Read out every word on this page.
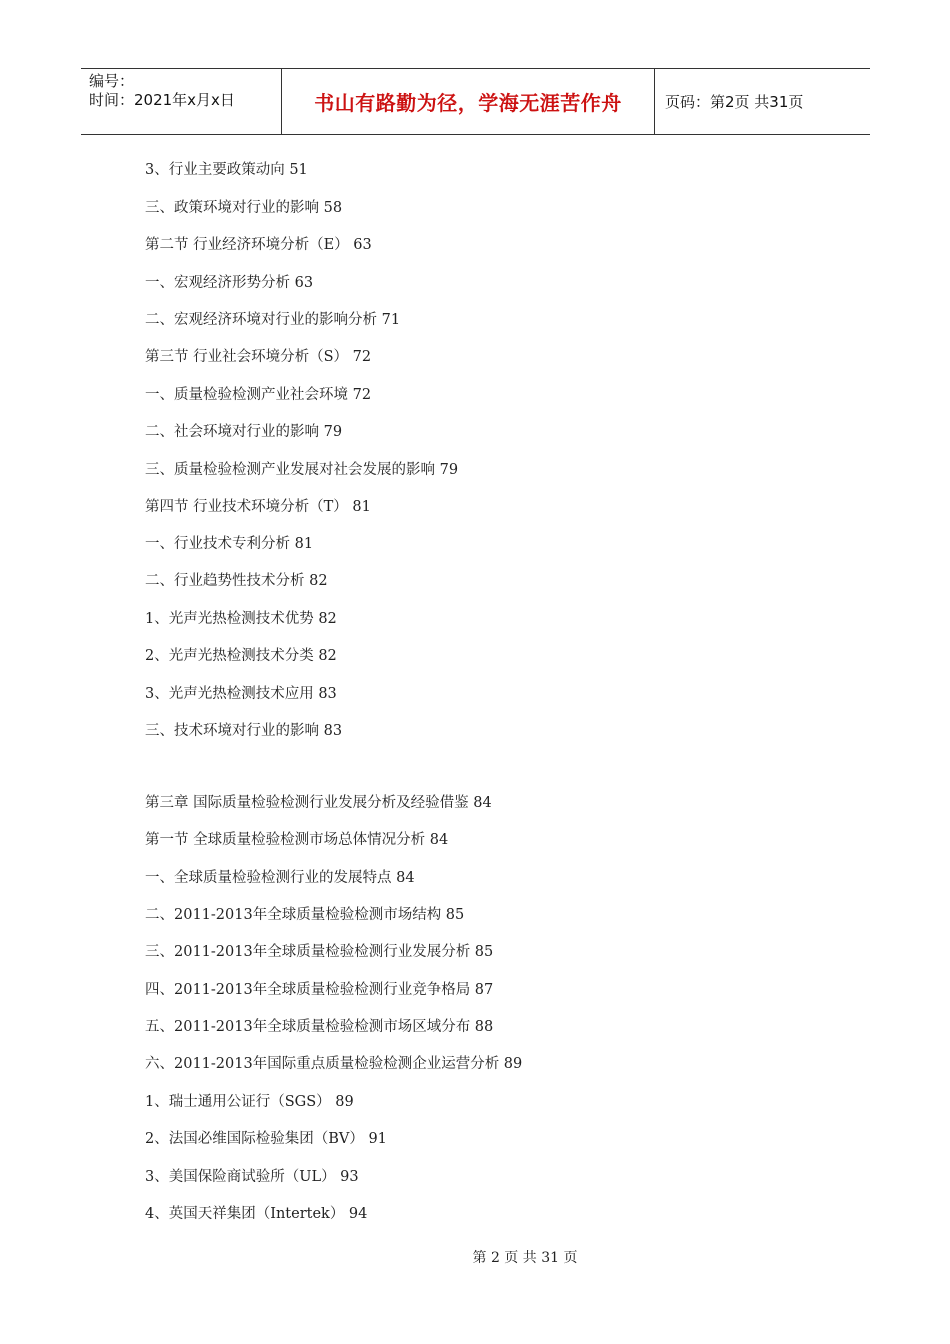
编号：
时间：2021年x月x日	书山有路勤为径，学海无涯苦作舟	页码：第2页 共31页
3、行业主要政策动向 51
三、政策环境对行业的影响 58
第二节 行业经济环境分析（E） 63
一、宏观经济形势分析 63
二、宏观经济环境对行业的影响分析 71
第三节 行业社会环境分析（S） 72
一、质量检验检测产业社会环境 72
二、社会环境对行业的影响 79
三、质量检验检测产业发展对社会发展的影响 79
第四节 行业技术环境分析（T） 81
一、行业技术专利分析 81
二、行业趋势性技术分析 82
1、光声光热检测技术优势 82
2、光声光热检测技术分类 82
3、光声光热检测技术应用 83
三、技术环境对行业的影响 83
第三章 国际质量检验检测行业发展分析及经验借鉴 84
第一节 全球质量检验检测市场总体情况分析 84
一、全球质量检验检测行业的发展特点 84
二、2011-2013年全球质量检验检测市场结构 85
三、2011-2013年全球质量检验检测行业发展分析 85
四、2011-2013年全球质量检验检测行业竞争格局 87
五、2011-2013年全球质量检验检测市场区域分布 88
六、2011-2013年国际重点质量检验检测企业运营分析 89
1、瑞士通用公证行（SGS） 89
2、法国必维国际检验集团（BV） 91
3、美国保险商试验所（UL） 93
4、英国天祥集团（Intertek） 94
第 2 页 共 31 页
